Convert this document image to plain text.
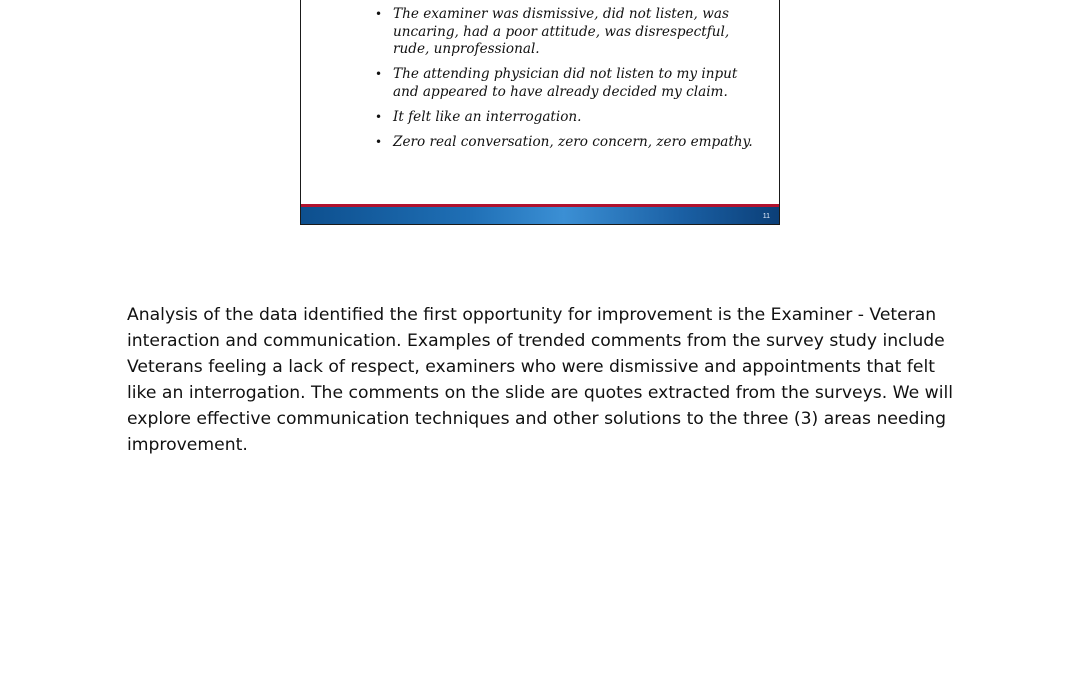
• The examiner was dismissive, did not listen, was uncaring, had a poor attitude, was disrespectful, rude, unprofessional.
• The attending physician did not listen to my input and appeared to have already decided my claim.
• It felt like an interrogation.
• Zero real conversation, zero concern, zero empathy.
11

Analysis of the data identified the first opportunity for improvement is the Examiner - Veteran interaction and communication. Examples of trended comments from the survey study include Veterans feeling a lack of respect, examiners who were dismissive and appointments that felt like an interrogation. The comments on the slide are quotes extracted from the surveys. We will explore effective communication techniques and other solutions to the three (3) areas needing improvement.
